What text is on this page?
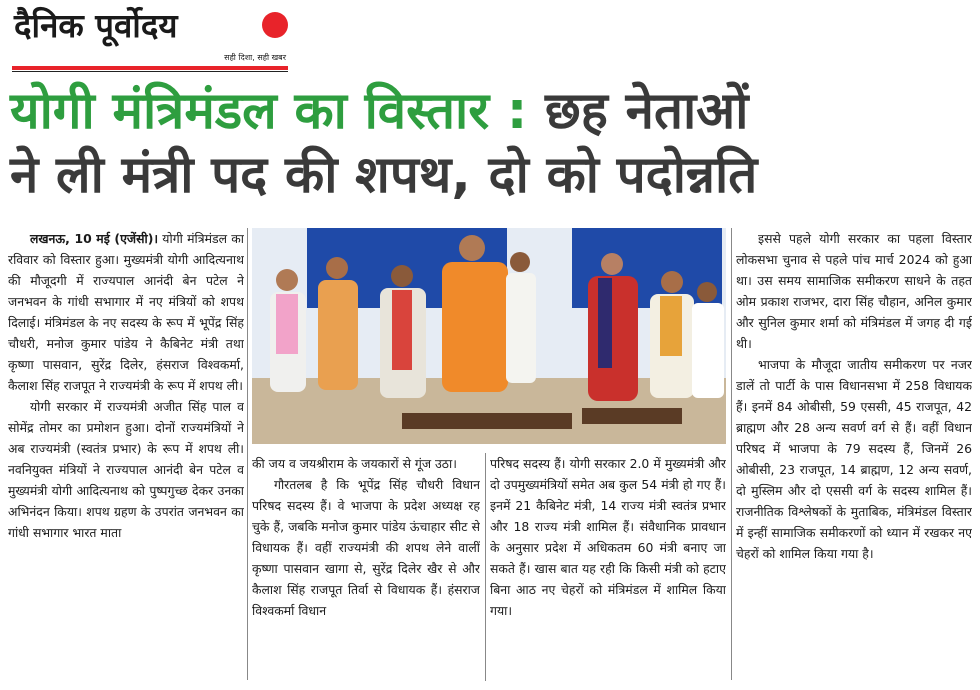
दैनिक पूर्वोदय
सही दिशा, सही खबर
योगी मंत्रिमंडल का विस्तार : छह नेताओं
ने ली मंत्री पद की शपथ, दो को पदोन्नति

लखनऊ, 10 मई (एजेंसी)। योगी मंत्रिमंडल का रविवार को विस्तार हुआ। मुख्यमंत्री योगी आदित्यनाथ की मौजूदगी में राज्यपाल आनंदी बेन पटेल ने जनभवन के गांधी सभागार में नए मंत्रियों को शपथ दिलाई। मंत्रिमंडल के नए सदस्य के रूप में भूपेंद्र सिंह चौधरी, मनोज कुमार पांडेय ने कैबिनेट मंत्री तथा कृष्णा पासवान, सुरेंद्र दिलेर, हंसराज विश्वकर्मा, कैलाश सिंह राजपूत ने राज्यमंत्री के रूप में शपथ ली।

योगी सरकार में राज्यमंत्री अजीत सिंह पाल व सोमेंद्र तोमर का प्रमोशन हुआ। दोनों राज्यमंत्रियों ने अब राज्यमंत्री (स्वतंत्र प्रभार) के रूप में शपथ ली। नवनियुक्त मंत्रियों ने राज्यपाल आनंदी बेन पटेल व मुख्यमंत्री योगी आदित्यनाथ को पुष्पगुच्छ देकर उनका अभिनंदन किया। शपथ ग्रहण के उपरांत जनभवन का गांधी सभागार भारत माता

की जय व जयश्रीराम के जयकारों से गूंज उठा।

गौरतलब है कि भूपेंद्र सिंह चौधरी विधान परिषद सदस्य हैं। वे भाजपा के प्रदेश अध्यक्ष रह चुके हैं, जबकि मनोज कुमार पांडेय ऊंचाहार सीट से विधायक हैं। वहीं राज्यमंत्री की शपथ लेने वालीं कृष्णा पासवान खागा से, सुरेंद्र दिलेर खैर से और कैलाश सिंह राजपूत तिर्वा से विधायक हैं। हंसराज विश्वकर्मा विधान

परिषद सदस्य हैं। योगी सरकार 2.0 में मुख्यमंत्री और दो उपमुख्यमंत्रियों समेत अब कुल 54 मंत्री हो गए हैं। इनमें 21 कैबिनेट मंत्री, 14 राज्य मंत्री स्वतंत्र प्रभार और 18 राज्य मंत्री शामिल हैं। संवैधानिक प्रावधान के अनुसार प्रदेश में अधिकतम 60 मंत्री बनाए जा सकते हैं। खास बात यह रही कि किसी मंत्री को हटाए बिना आठ नए चेहरों को मंत्रिमंडल में शामिल किया गया।

इससे पहले योगी सरकार का पहला विस्तार लोकसभा चुनाव से पहले पांच मार्च 2024 को हुआ था। उस समय सामाजिक समीकरण साधने के तहत ओम प्रकाश राजभर, दारा सिंह चौहान, अनिल कुमार और सुनिल कुमार शर्मा को मंत्रिमंडल में जगह दी गई थी।

भाजपा के मौजूदा जातीय समीकरण पर नजर डालें तो पार्टी के पास विधानसभा में 258 विधायक हैं। इनमें 84 ओबीसी, 59 एससी, 45 राजपूत, 42 ब्राह्मण और 28 अन्य सवर्ण वर्ग से हैं। वहीं विधान परिषद में भाजपा के 79 सदस्य हैं, जिनमें 26 ओबीसी, 23 राजपूत, 14 ब्राह्मण, 12 अन्य सवर्ण, दो मुस्लिम और दो एससी वर्ग के सदस्य शामिल हैं। राजनीतिक विश्लेषकों के मुताबिक, मंत्रिमंडल विस्तार में इन्हीं सामाजिक समीकरणों को ध्यान में रखकर नए चेहरों को शामिल किया गया है।
